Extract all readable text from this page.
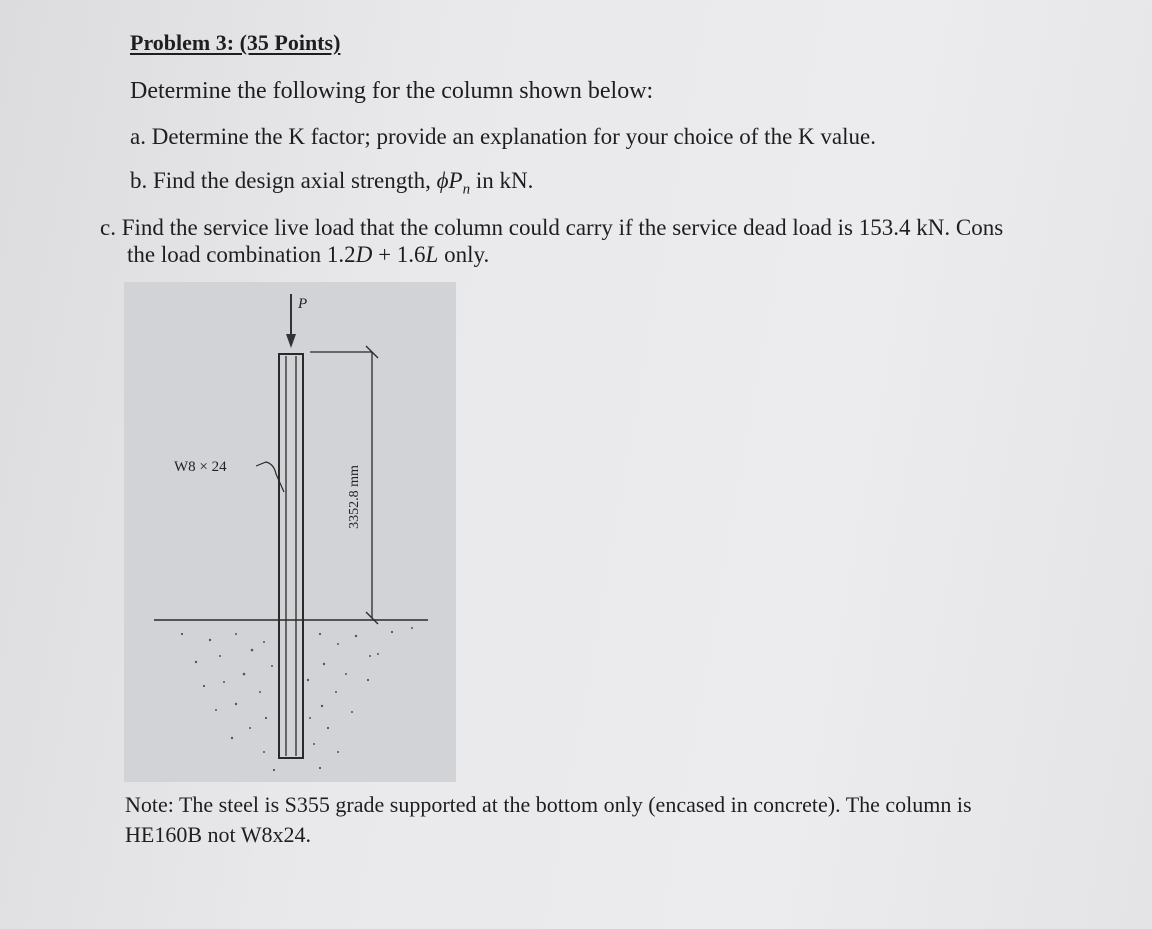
Problem 3: (35 Points)
Determine the following for the column shown below:
a. Determine the K factor; provide an explanation for your choice of the K value.
b. Find the design axial strength, $\phi P_n$ in kN.
c. Find the service live load that the column could carry if the service dead load is 153.4 kN. Cons
the load combination 1.2D + 1.6L only.
P
3352.8 mm
W8 × 24
Note: The steel is S355 grade supported at the bottom only (encased in concrete). The column is
HE160B not W8x24.
